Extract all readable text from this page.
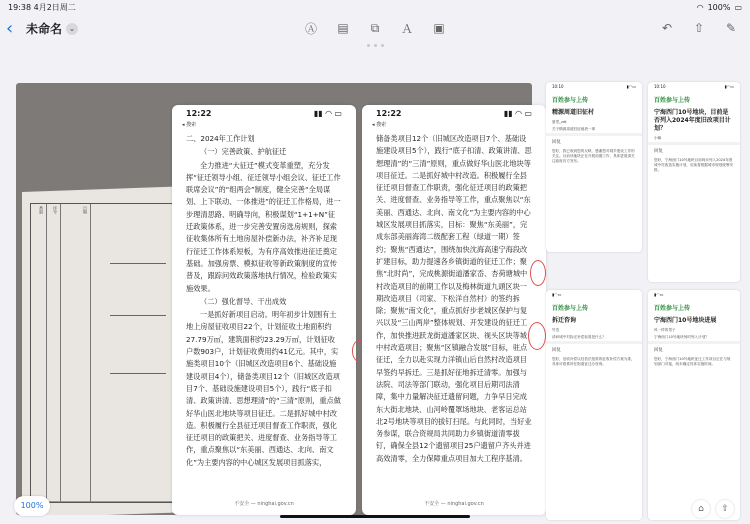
19:38 4月2日周二	◠ 100% ▭
‹	未命名 ⌄	Ⓐ ▤	⧉	Ａ ▣	↶	⇧	✎
类别	序号	日期
12:22	▮▮ ◠ ▭
◂ 搜索

二、2024年工作计划

（一）完善政策、护航征迁

全力推进“大征迁”模式变革重塑，充分发挥“征迁领导小组、征迁领导小组会议、征迁工作联席会议”的“组两会”制度，健全完善“全局谋划、上下联动、一体推进”的征迁工作格局，进一步理清思路、明确导向，积极谋划“1+1+N”征迁政策体系，进一步完善安置房选房规则，探索征收集体所有土地房屋补偿新办法，补齐补足现行征迁工作体系短板，为有序高效推进征迁奠定基础。加强房票、模拟征收等新政策制度的宣传普及，跟踪问效政策落地执行情况，检验政策实施效果。

（二）强化督导、干出成效

一是抓好新项目启动。明年初步计划围有土地上房屋征收项目22个，计划征收土地面积约27.79万㎡，建筑面积约23.29万㎡，计划征收户数903户，计划征收费用约41亿元。其中，实施类项目10个（旧城区改造项目6个、基础设施建设项目4个），储备类项目12个（旧城区改造项目7个、基础设施建设项目5个），践行“底子扣清、政策讲清、思想理清”的“三清”原则，重点做好华山医北地块等项目征迁。二是抓好城中村改造。积极履行全县征迁项目督查工作职责，强化征迁项目的政策把关、进度督查、业务指导等工作，重点聚焦以“东美丽、西通达、北向、南文化”为主要内容的中心城区发展项目抓落实，

不安全 — ninghai.gov.cn
12:22	▮▮ ◠ ▭
◂ 搜索

储备类项目12个（旧城区改造项目7个、基础设施建设项目5个），践行“底子扣清、政策讲清、思想理清”的“三清”原则，重点做好华山医北地块等项目征迁。二是抓好城中村改造。积极履行全县征迁项目督查工作职责，强化征迁项目的政策把关、进度督查、业务指导等工作，重点聚焦以“东美丽、西通达、北向、南文化”为主要内容的中心城区发展项目抓落实，目标：聚焦“东美丽”，完成东部美丽海湾二级配套工程（绿道一期）签约；聚焦“西通达”，围绕加快沈海高速宁海段改扩建目标，助力提速各乡镇街道的征迁工作；聚焦“北时尚”，完成桃源街道潘家岙、杏荷塘城中村改造项目的前期工作以及梅林街道九頭区块一期改造项目（司家、下松洋自然村）的签约拆除；聚焦“南文化”，重点抓好步老城区保护与复兴以及“三山两岸”整体规划、开发建设的征迁工作，加快推进跃龙街道潘家区块、视头区块等城中村改造项目；聚焦“区镇融合发展”目标，驻点征迁，全力以赴实现力洋镇山后自然村改造项目早签约早拆迁。三是抓好征地拆迁清零。加强与法院、司法等部门联动，强化项目后期司法清障，集中力量解决征迁遗留问题，力争早日完成东大街北地块、山河岭覆罩场地块、老客运总站北2号地块等项目的拔钉扫尾。与此同时，当好业务参谋，联合资规局共同助力乡镇街道清零拔钉，确保全县12个遗留项目25户遗留户齐头并进高效清零，全力保障重点项目加大工程序基清。

不安全 — ninghai.gov.cn
10:10	▮◠▭
百姓参与上传
精源周道旧征村
夏景_zdt
关于精源周道旧征地块一事
回复
您好，我已收到您的反映，感谢您对城乡建设工作的关注。目前该地块正在开展前期工作，具体进展请关注政府官方发布。
10:10	▮◠▭
百姓参与上传
宁海西门10号地块，目前是否列入2024年度旧改项目计划？
小嘛
回复
您好，宁海西门10号地块目前尚未列入2024年度城中村改造实施计划，后续将根据城市规划统筹安排。
▮◠▭
百姓参与上传
拆迁咨询
竹语
请问城中村拆迁补偿标准是什么？
回复
您好，征收补偿以经依法批准的征收补偿方案为准，具体可联系所在街道征迁办咨询。
▮◠▭
百姓参与上传
宁海西门10号地块进展
风一样的男子
宁海西门10号地块何时列入计划？
回复
您好，宁海西门10号地块征迁工作项目正在与规划部门对接，尚未确定具体实施时间。
100%	⌂	⇧
